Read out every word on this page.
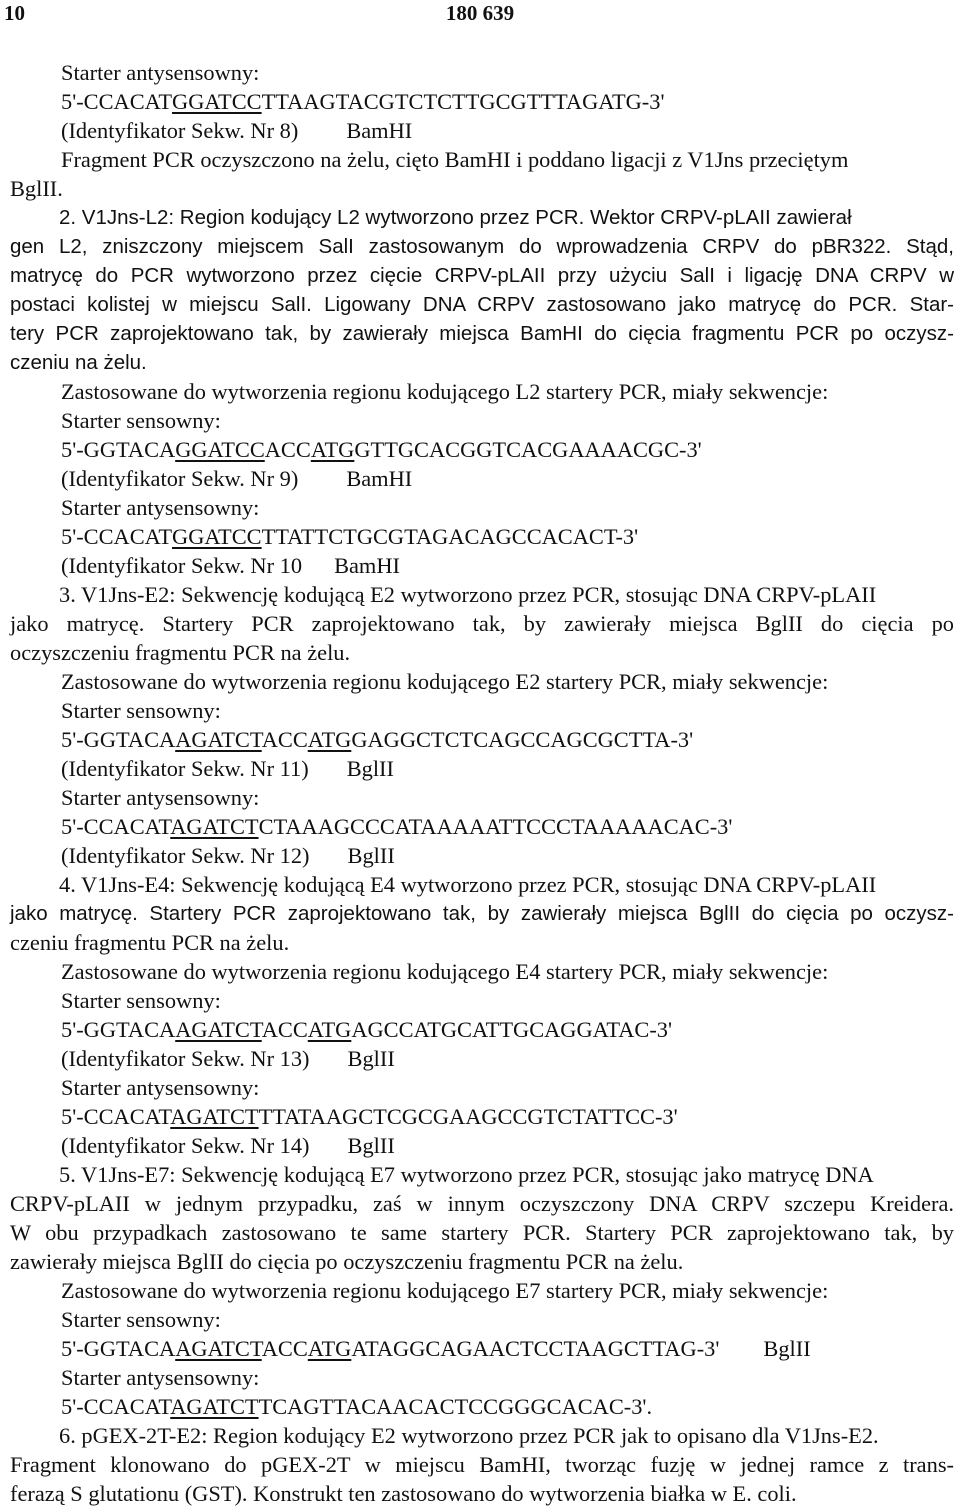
10	180 639
Starter antysensowny:
5'-CCACATGGATCCTTAAGTACGTCTCTTGCGTTTAGATG-3'
(Identyfikator Sekw. Nr 8) BamHI
Fragment PCR oczyszczono na żelu, cięto BamHI i poddano ligacji z V1Jns przeciętym
BglII.
2. V1Jns-L2: Region kodujący L2 wytworzono przez PCR. Wektor CRPV-pLAII zawierał
gen L2, zniszczony miejscem SalI zastosowanym do wprowadzenia CRPV do pBR322. Stąd,
matrycę do PCR wytworzono przez cięcie CRPV-pLAII przy użyciu SalI i ligację DNA CRPV w
postaci kolistej w miejscu SalI. Ligowany DNA CRPV zastosowano jako matrycę do PCR. Star-
tery PCR zaprojektowano tak, by zawierały miejsca BamHI do cięcia fragmentu PCR po oczysz-
czeniu na żelu.
Zastosowane do wytworzenia regionu kodującego L2 startery PCR, miały sekwencje:
Starter sensowny:
5'-GGTACAGGATCCACCATGGTTGCACGGTCACGAAAACGC-3'
(Identyfikator Sekw. Nr 9) BamHI
Starter antysensowny:
5'-CCACATGGATCCTTATTCTGCGTAGACAGCCACACT-3'
(Identyfikator Sekw. Nr 10 BamHI
3. V1Jns-E2: Sekwencję kodującą E2 wytworzono przez PCR, stosując DNA CRPV-pLAII
jako matrycę. Startery PCR zaprojektowano tak, by zawierały miejsca BglII do cięcia po
oczyszczeniu fragmentu PCR na żelu.
Zastosowane do wytworzenia regionu kodującego E2 startery PCR, miały sekwencje:
Starter sensowny:
5'-GGTACAAGATCTACCATGGAGGCTCTCAGCCAGCGCTTA-3'
(Identyfikator Sekw. Nr 11) BglII
Starter antysensowny:
5'-CCACATAGATCTCTAAAGCCCATAAAAATTCCCTAAAAACAC-3'
(Identyfikator Sekw. Nr 12) BglII
4. V1Jns-E4: Sekwencję kodującą E4 wytworzono przez PCR, stosując DNA CRPV-pLAII
jako matrycę. Startery PCR zaprojektowano tak, by zawierały miejsca BglII do cięcia po oczysz-
czeniu fragmentu PCR na żelu.
Zastosowane do wytworzenia regionu kodującego E4 startery PCR, miały sekwencje:
Starter sensowny:
5'-GGTACAAGATCTACCATGAGCCATGCATTGCAGGATAC-3'
(Identyfikator Sekw. Nr 13) BglII
Starter antysensowny:
5'-CCACATAGATCTTTATAAGCTCGCGAAGCCGTCTATTCC-3'
(Identyfikator Sekw. Nr 14) BglII
5. V1Jns-E7: Sekwencję kodującą E7 wytworzono przez PCR, stosując jako matrycę DNA
CRPV-pLAII w jednym przypadku, zaś w innym oczyszczony DNA CRPV szczepu Kreidera.
W obu przypadkach zastosowano te same startery PCR. Startery PCR zaprojektowano tak, by
zawierały miejsca BglII do cięcia po oczyszczeniu fragmentu PCR na żelu.
Zastosowane do wytworzenia regionu kodującego E7 startery PCR, miały sekwencje:
Starter sensowny:
5'-GGTACAAGATCTACCATGATAGGCAGAACTCCTAAGCTTAG-3' BglII
Starter antysensowny:
5'-CCACATAGATCTTCAGTTACAACACTCCGGGCACAC-3'.
6. pGEX-2T-E2: Region kodujący E2 wytworzono przez PCR jak to opisano dla V1Jns-E2.
Fragment klonowano do pGEX-2T w miejscu BamHI, tworząc fuzję w jednej ramce z trans-
ferazą S glutationu (GST). Konstrukt ten zastosowano do wytworzenia białka w E. coli.
